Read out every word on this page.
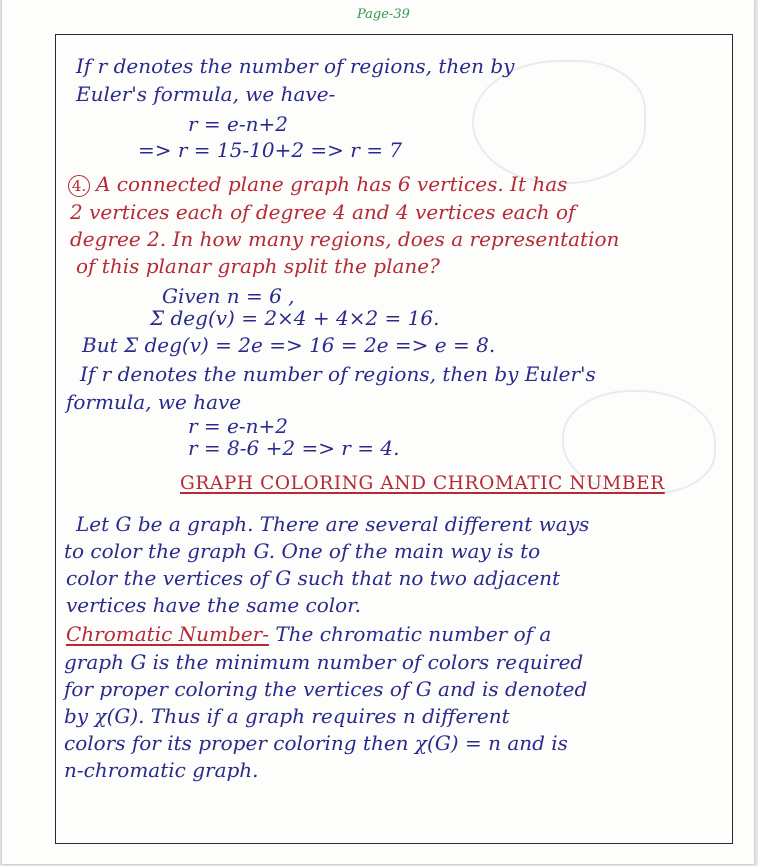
Page-39
If r denotes the number of regions, then by
Euler's formula, we have-
r = e-n+2
=> r = 15-10+2 => r = 7
4. A connected plane graph has 6 vertices. It has
2 vertices each of degree 4 and 4 vertices each of
degree 2. In how many regions, does a representation
of this planar graph split the plane?
Given n = 6 ,
Σ deg(v) = 2×4 + 4×2 = 16.
But Σ deg(v) = 2e => 16 = 2e => e = 8.
If r denotes the number of regions, then by Euler's
formula, we have
r = e-n+2
r = 8-6 +2 => r = 4.
GRAPH COLORING AND CHROMATIC NUMBER
Let G be a graph. There are several different ways
to color the graph G. One of the main way is to
color the vertices of G such that no two adjacent
vertices have the same color.
Chromatic Number- The chromatic number of a
graph G is the minimum number of colors required
for proper coloring the vertices of G and is denoted
by χ(G). Thus if a graph requires n different
colors for its proper coloring then χ(G) = n and is
n-chromatic graph.
